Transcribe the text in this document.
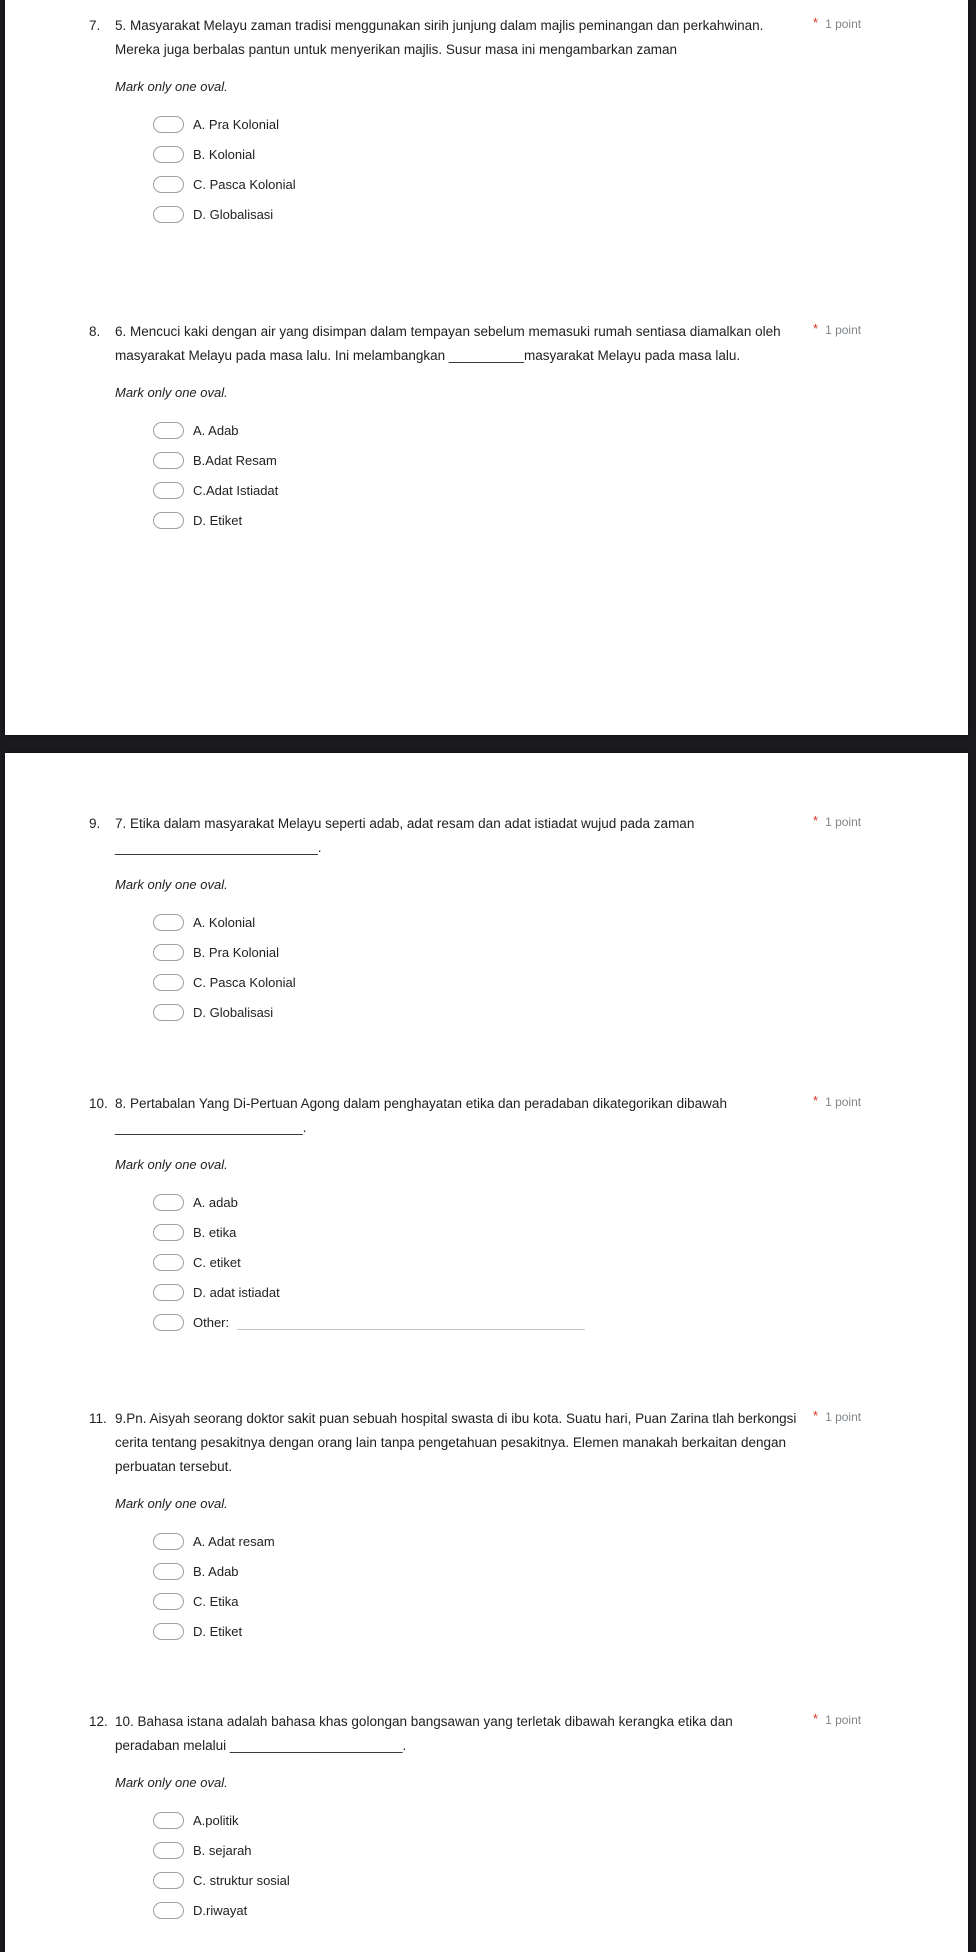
* 1 point
7.	5. Masyarakat Melayu zaman tradisi menggunakan sirih junjung dalam majlis peminangan dan perkahwinan. Mereka juga berbalas pantun untuk menyerikan majlis. Susur masa ini mengambarkan zaman
Mark only one oval.
A. Pra Kolonial
B. Kolonial
C. Pasca Kolonial
D. Globalisasi
* 1 point
8.	6. Mencuci kaki dengan air yang disimpan dalam tempayan sebelum memasuki rumah sentiasa diamalkan oleh masyarakat Melayu pada masa lalu. Ini melambangkan __________masyarakat Melayu pada masa lalu.
Mark only one oval.
A. Adab
B.Adat Resam
C.Adat Istiadat
D. Etiket
* 1 point
9.	7. Etika dalam masyarakat Melayu seperti adab, adat resam dan adat istiadat wujud pada zaman ___________________________.
Mark only one oval.
A. Kolonial
B. Pra Kolonial
C. Pasca Kolonial
D. Globalisasi
* 1 point
10. 8. Pertabalan Yang Di-Pertuan Agong dalam penghayatan etika dan peradaban dikategorikan dibawah _________________________.
Mark only one oval.
A. adab
B. etika
C. etiket
D. adat istiadat
Other:
* 1 point
11. 9.Pn. Aisyah seorang doktor sakit puan sebuah hospital swasta di ibu kota. Suatu hari, Puan Zarina tlah berkongsi cerita tentang pesakitnya dengan orang lain tanpa pengetahuan pesakitnya. Elemen manakah berkaitan dengan perbuatan tersebut.
Mark only one oval.
A. Adat resam
B. Adab
C. Etika
D. Etiket
* 1 point
12. 10. Bahasa istana adalah bahasa khas golongan bangsawan yang terletak dibawah kerangka etika dan peradaban melalui _______________________.
Mark only one oval.
A.politik
B. sejarah
C. struktur sosial
D.riwayat
